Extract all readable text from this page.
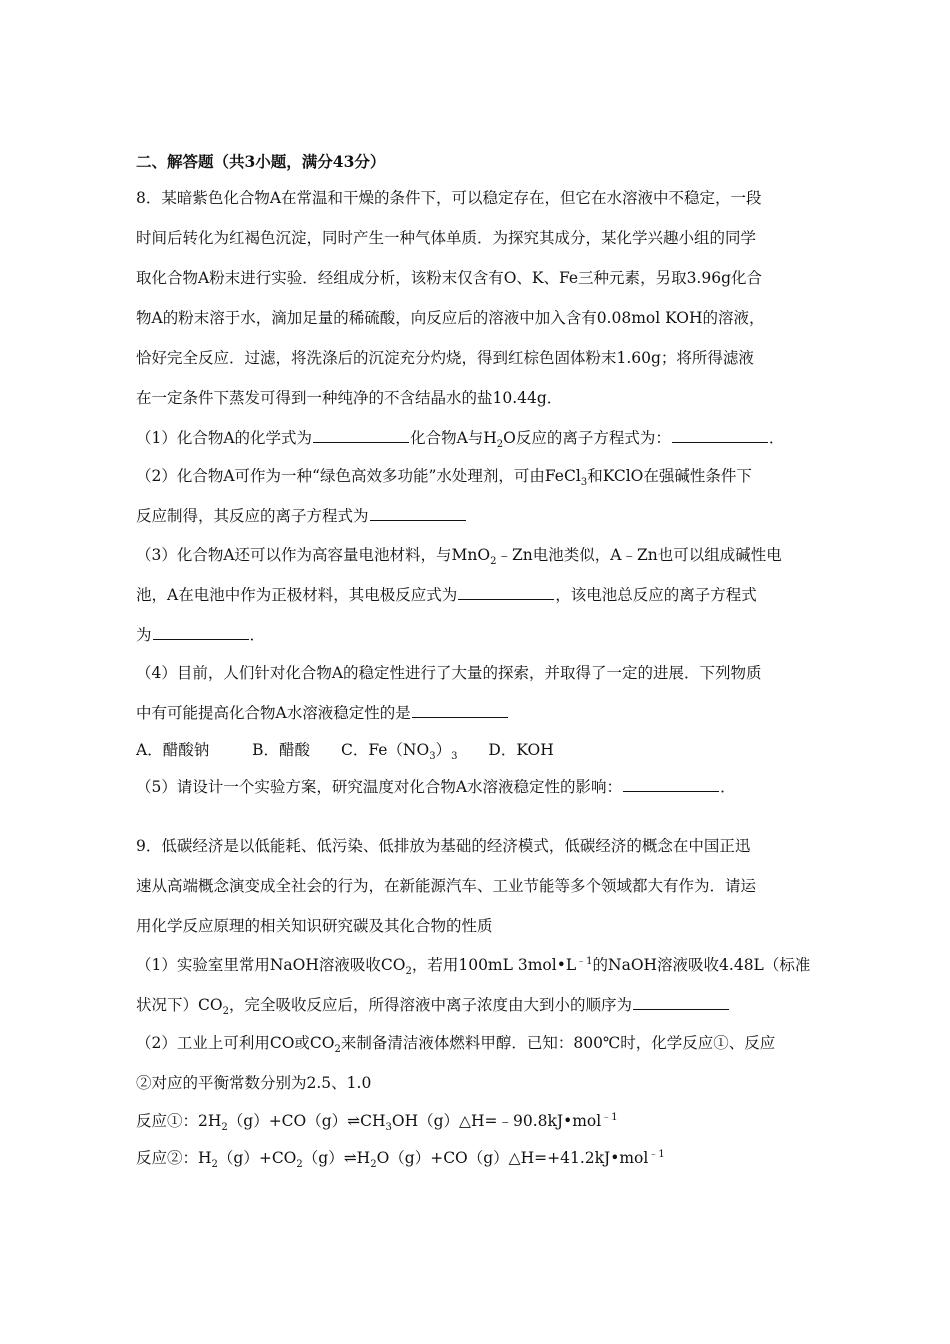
二、解答题（共3小题，满分43分）
8．某暗紫色化合物A在常温和干燥的条件下，可以稳定存在，但它在水溶液中不稳定，一段
时间后转化为红褐色沉淀，同时产生一种气体单质．为探究其成分，某化学兴趣小组的同学
取化合物A粉末进行实验．经组成分析，该粉末仅含有O、K、Fe三种元素，另取3.96g化合
物A的粉末溶于水，滴加足量的稀硫酸，向反应后的溶液中加入含有0.08mol KOH的溶液，
恰好完全反应．过滤，将洗涤后的沉淀充分灼烧，得到红棕色固体粉末1.60g；将所得滤液
在一定条件下蒸发可得到一种纯净的不含结晶水的盐10.44g．
（1）化合物A的化学式为	化合物A与$H_2O$反应的离子方程式为：	．
（2）化合物A可作为一种“绿色高效多功能”水处理剂，可由FeCl$_3$和KClO在强碱性条件下
反应制得，其反应的离子方程式为
（3）化合物A还可以作为高容量电池材料，与MnO$_2$﹣Zn电池类似，A﹣Zn也可以组成碱性电
池，A在电池中作为正极材料，其电极反应式为	，该电池总反应的离子方程式
为	．
（4）目前，人们针对化合物A的稳定性进行了大量的探索，并取得了一定的进展．下列物质
中有可能提高化合物A水溶液稳定性的是
A．醋酸钠	B．醋酸 C．$Fe(NO_3)_3$ D．KOH
（5）请设计一个实验方案，研究温度对化合物A水溶液稳定性的影响：	．
9．低碳经济是以低能耗、低污染、低排放为基础的经济模式，低碳经济的概念在中国正迅
速从高端概念演变成全社会的行为，在新能源汽车、工业节能等多个领域都大有作为．请运
用化学反应原理的相关知识研究碳及其化合物的性质
（1）实验室里常用NaOH溶液吸收$CO_2$，若用100mL $3mol•L^{﹣1}$的NaOH溶液吸收4.48L（标准
状况下）$CO_2$，完全吸收反应后，所得溶液中离子浓度由大到小的顺序为
（2）工业上可利用CO或$CO_2$来制备清洁液体燃料甲醇．已知：800℃时，化学反应①、反应
②对应的平衡常数分别为2.5、1.0
反应①：$2H_2(g)+CO(g)\rightleftharpoons CH_3OH(g)\triangle H=﹣90.8kJ•mol^{﹣1}$
反应②：$H_2(g)+CO_2(g)\rightleftharpoons H_2O(g)+CO(g)\triangle H=+41.2kJ•mol^{﹣1}$
